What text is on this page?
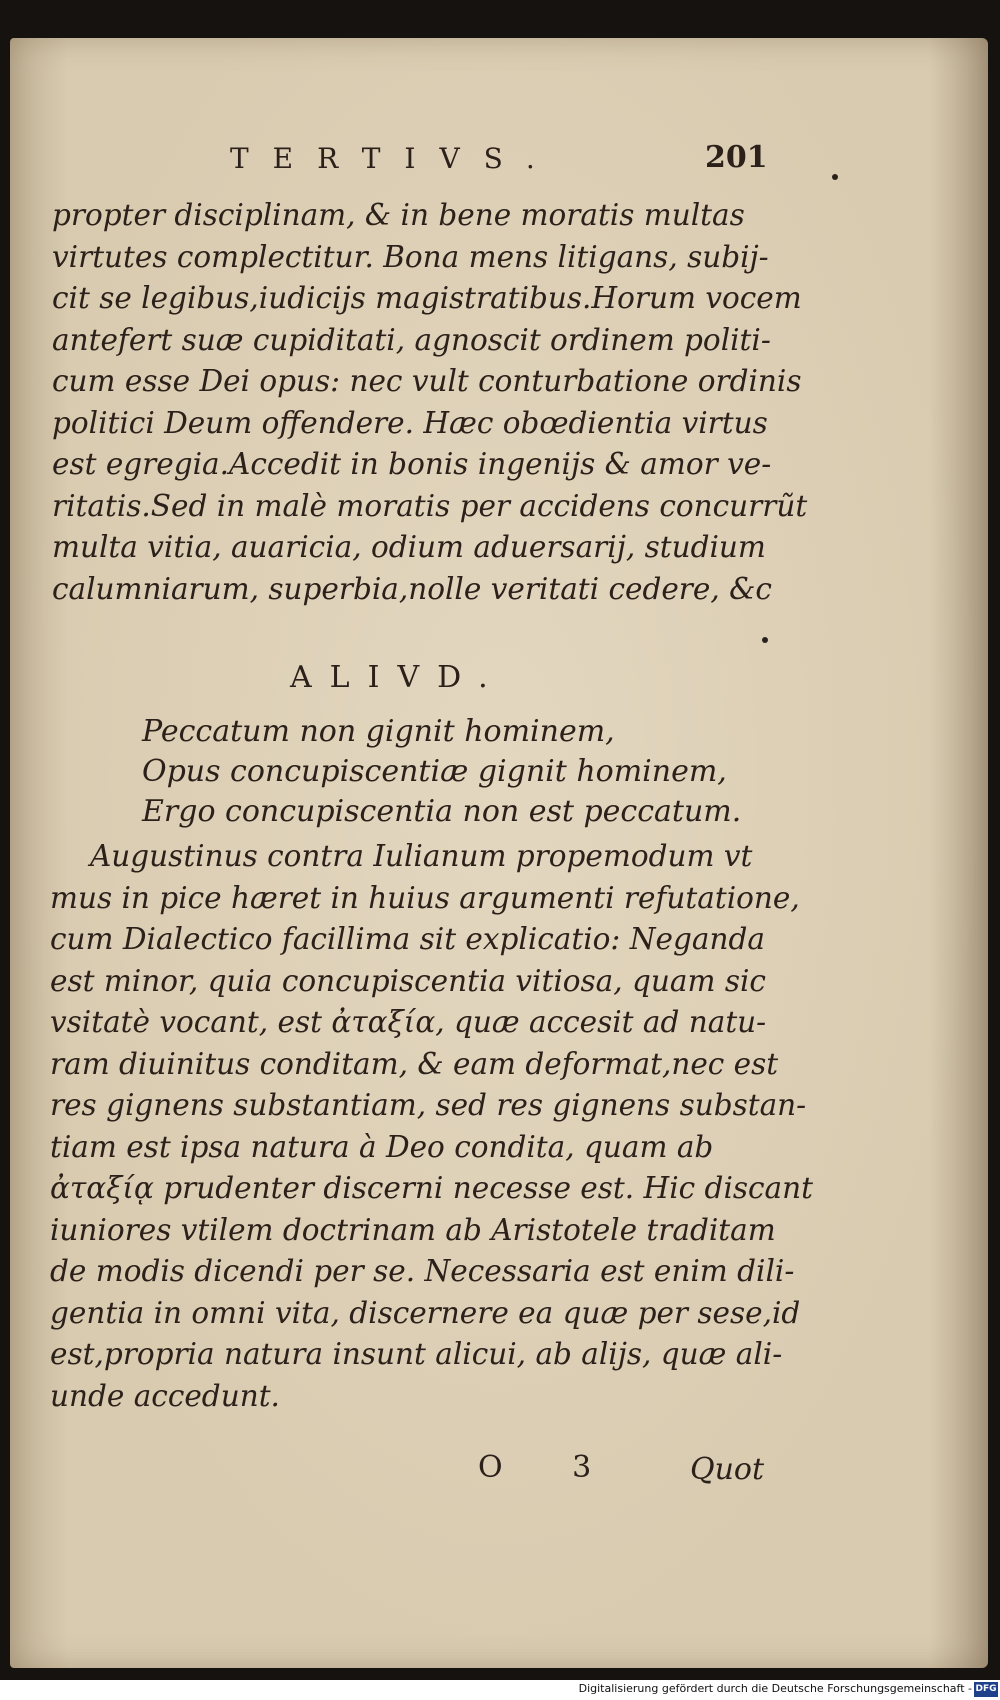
TERTIVS.	201
propter disciplinam, & in bene moratis multas
virtutes complectitur. Bona mens litigans, subij-
cit se legibus,iudicijs magistratibus.Horum vocem
antefert suæ cupiditati, agnoscit ordinem politi-
cum esse Dei opus: nec vult conturbatione ordinis
politici Deum offendere. Hæc obœdientia virtus
est egregia.Accedit in bonis ingenijs & amor ve-
ritatis.Sed in malè moratis per accidens concurrũt
multa vitia, auaricia, odium aduersarij, studium
calumniarum, superbia,nolle veritati cedere, &c
ALIVD.
Peccatum non gignit hominem,
Opus concupiscentiæ gignit hominem,
Ergo concupiscentia non est peccatum.
Augustinus contra Iulianum propemodum vt
mus in pice hæret in huius argumenti refutatione,
cum Dialectico facillima sit explicatio: Neganda
est minor, quia concupiscentia vitiosa, quam sic
vsitatè vocant, est ἀταξία, quæ accesit ad natu-
ram diuinitus conditam, & eam deformat,nec est
res gignens substantiam, sed res gignens substan-
tiam est ipsa natura à Deo condita, quam ab
ἀταξίᾳ prudenter discerni necesse est. Hic discant
iuniores vtilem doctrinam ab Aristotele traditam
de modis dicendi per se. Necessaria est enim dili-
gentia in omni vita, discernere ea quæ per sese,id
est,propria natura insunt alicui, ab alijs, quæ ali-
unde accedunt.
O 3 Quot
Digitalisierung gefördert durch die Deutsche Forschungsgemeinschaft - DFG
